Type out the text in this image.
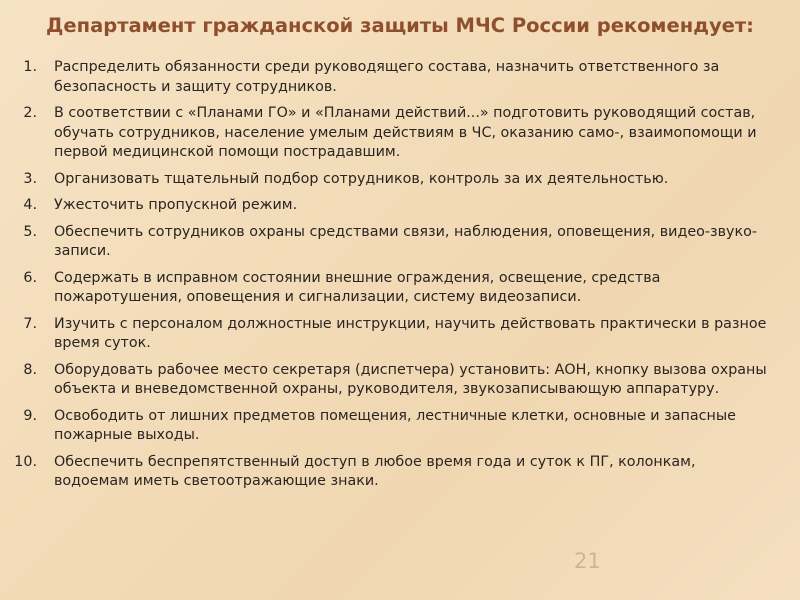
Департамент гражданской защиты МЧС России рекомендует:
1. Распределить обязанности среди руководящего состава, назначить ответственного за безопасность и защиту сотрудников.
2. В соответствии с «Планами ГО» и «Планами действий...» подготовить руководящий состав, обучать сотрудников, население умелым действиям в ЧС, оказанию само-, взаимопомощи и первой медицинской помощи пострадавшим.
3. Организовать тщательный подбор сотрудников, контроль за их деятельностью.
4. Ужесточить пропускной режим.
5. Обеспечить сотрудников охраны средствами связи, наблюдения, оповещения, видео-звуко-записи.
6. Содержать в исправном состоянии внешние ограждения, освещение, средства пожаротушения, оповещения и сигнализации, систему видеозаписи.
7. Изучить с персоналом должностные инструкции, научить действовать практически в разное время суток.
8. Оборудовать рабочее место секретаря (диспетчера) установить: АОН, кнопку вызова охраны объекта и вневедомственной охраны, руководителя, звукозаписывающую аппаратуру.
9. Освободить от лишних предметов помещения, лестничные клетки, основные и запасные пожарные выходы.
10. Обеспечить беспрепятственный доступ в любое время года и суток к ПГ, колонкам, водоемам иметь светоотражающие знаки.
21
